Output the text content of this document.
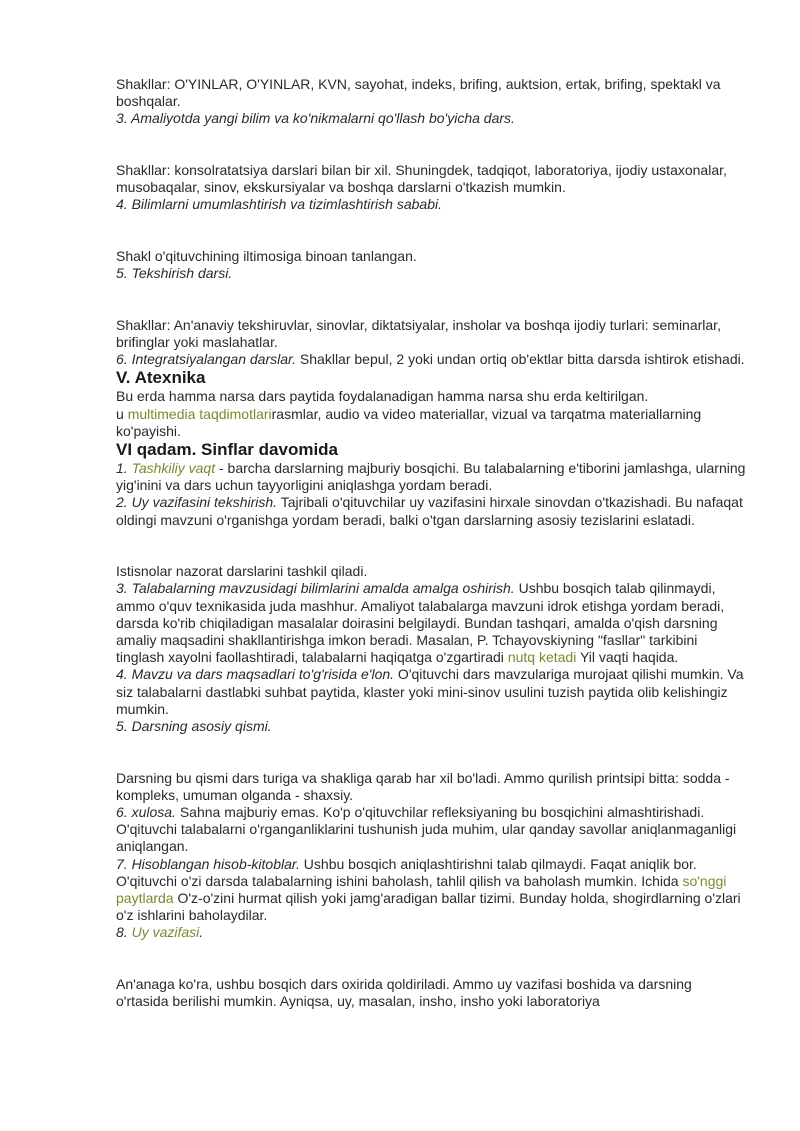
Shakllar: O'YINLAR, O'YINLAR, KVN, sayohat, indeks, brifing, auktsion, ertak, brifing, spektakl va boshqalar.

3. Amaliyotda yangi bilim va ko'nikmalarni qo'llash bo'yicha dars.

Shakllar: konsolratatsiya darslari bilan bir xil. Shuningdek, tadqiqot, laboratoriya, ijodiy ustaxonalar, musobaqalar, sinov, ekskursiyalar va boshqa darslarni o'tkazish mumkin.

4. Bilimlarni umumlashtirish va tizimlashtirish sababi.

Shakl o'qituvchining iltimosiga binoan tanlangan.

5. Tekshirish darsi.

Shakllar: An'anaviy tekshiruvlar, sinovlar, diktatsiyalar, insholar va boshqa ijodiy turlari: seminarlar, brifinglar yoki maslahatlar.

6. Integratsiyalangan darslar. Shakllar bepul, 2 yoki undan ortiq ob'ektlar bitta darsda ishtirok etishadi.

V. Atexnika

Bu erda hamma narsa dars paytida foydalanadigan hamma narsa shu erda keltirilgan.

u multimedia taqdimotlarirasmlar, audio va video materiallar, vizual va tarqatma materiallarning ko'payishi.

VI qadam. Sinflar davomida

1. Tashkiliy vaqt - barcha darslarning majburiy bosqichi. Bu talabalarning e'tiborini jamlashga, ularning yig'inini va dars uchun tayyorligini aniqlashga yordam beradi.

2. Uy vazifasini tekshirish. Tajribali o'qituvchilar uy vazifasini hirxale sinovdan o'tkazishadi. Bu nafaqat oldingi mavzuni o'rganishga yordam beradi, balki o'tgan darslarning asosiy tezislarini eslatadi.

Istisnolar nazorat darslarini tashkil qiladi.

3. Talabalarning mavzusidagi bilimlarini amalda amalga oshirish. Ushbu bosqich talab qilinmaydi, ammo o'quv texnikasida juda mashhur. Amaliyot talabalarga mavzuni idrok etishga yordam beradi, darsda ko'rib chiqiladigan masalalar doirasini belgilaydi. Bundan tashqari, amalda o'qish darsning amaliy maqsadini shakllantirishga imkon beradi. Masalan, P. Tchayovskiyning "fasllar" tarkibini tinglash xayolni faollashtiradi, talabalarni haqiqatga o'zgartiradi nutq ketadi Yil vaqti haqida.

4. Mavzu va dars maqsadlari to'g'risida e'lon. O'qituvchi dars mavzulariga murojaat qilishi mumkin. Va siz talabalarni dastlabki suhbat paytida, klaster yoki mini-sinov usulini tuzish paytida olib kelishingiz mumkin.

5. Darsning asosiy qismi.

Darsning bu qismi dars turiga va shakliga qarab har xil bo'ladi. Ammo qurilish printsipi bitta: sodda - kompleks, umuman olganda - shaxsiy.

6. xulosa. Sahna majburiy emas. Ko'p o'qituvchilar refleksiyaning bu bosqichini almashtirishadi. O'qituvchi talabalarni o'rganganliklarini tushunish juda muhim, ular qanday savollar aniqlanmaganligi aniqlangan.

7. Hisoblangan hisob-kitoblar. Ushbu bosqich aniqlashtirishni talab qilmaydi. Faqat aniqlik bor. O'qituvchi o'zi darsda talabalarning ishini baholash, tahlil qilish va baholash mumkin. Ichida so'nggi paytlarda O'z-o'zini hurmat qilish yoki jamg'aradigan ballar tizimi. Bunday holda, shogirdlarning o'zlari o'z ishlarini baholaydilar.

8. Uy vazifasi.

An'anaga ko'ra, ushbu bosqich dars oxirida qoldiriladi. Ammo uy vazifasi boshida va darsning o'rtasida berilishi mumkin. Ayniqsa, uy, masalan, insho, insho yoki laboratoriya
